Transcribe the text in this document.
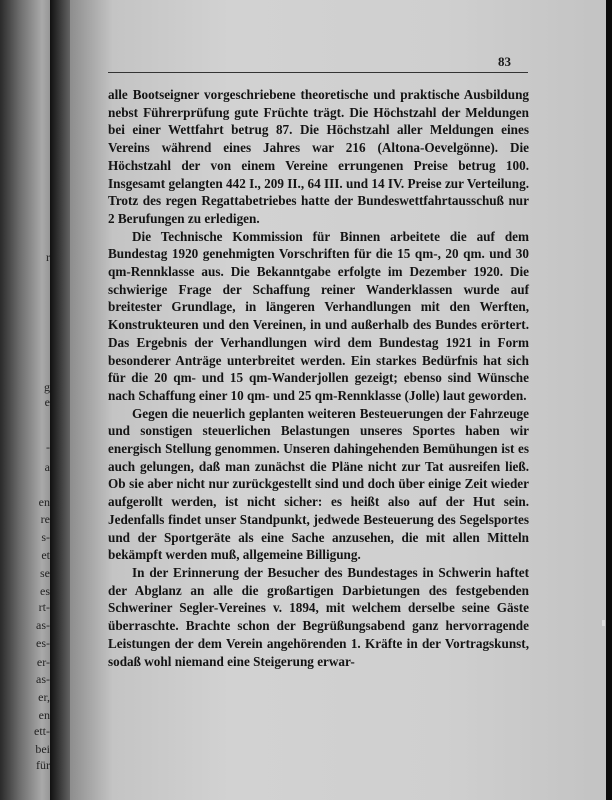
r
g
e
-
a
en
re
s-
et
se
es
rt-
as-
es-
er-
as-
er,
en
ett-
bei
für
83

alle Bootseigner vorgeschriebene theoretische und praktische Ausbildung nebst Führerprüfung gute Früchte trägt. Die Höchstzahl der Meldungen bei einer Wettfahrt betrug 87. Die Höchstzahl aller Meldungen eines Vereins während eines Jahres war 216 (Altona-Oevelgönne). Die Höchstzahl der von einem Vereine errungenen Preise betrug 100. Insgesamt gelangten 442 I., 209 II., 64 III. und 14 IV. Preise zur Verteilung. Trotz des regen Regattabetriebes hatte der Bundeswettfahrtausschuß nur 2 Berufungen zu erledigen.

Die Technische Kommission für Binnen arbeitete die auf dem Bundestag 1920 genehmigten Vorschriften für die 15 qm-, 20 qm. und 30 qm-Rennklasse aus. Die Bekanntgabe erfolgte im Dezember 1920. Die schwierige Frage der Schaffung reiner Wanderklassen wurde auf breitester Grundlage, in längeren Verhandlungen mit den Werften, Konstrukteuren und den Vereinen, in und außerhalb des Bundes erörtert. Das Ergebnis der Verhandlungen wird dem Bundestag 1921 in Form besonderer Anträge unterbreitet werden. Ein starkes Bedürfnis hat sich für die 20 qm- und 15 qm-Wanderjollen gezeigt; ebenso sind Wünsche nach Schaffung einer 10 qm- und 25 qm-Rennklasse (Jolle) laut geworden.

Gegen die neuerlich geplanten weiteren Besteuerungen der Fahrzeuge und sonstigen steuerlichen Belastungen unseres Sportes haben wir energisch Stellung genommen. Unseren dahingehenden Bemühungen ist es auch gelungen, daß man zunächst die Pläne nicht zur Tat ausreifen ließ. Ob sie aber nicht nur zurückgestellt sind und doch über einige Zeit wieder aufgerollt werden, ist nicht sicher: es heißt also auf der Hut sein. Jedenfalls findet unser Standpunkt, jedwede Besteuerung des Segelsportes und der Sportgeräte als eine Sache anzusehen, die mit allen Mitteln bekämpft werden muß, allgemeine Billigung.

In der Erinnerung der Besucher des Bundestages in Schwerin haftet der Abglanz an alle die großartigen Darbietungen des festgebenden Schweriner Segler-Vereines v. 1894, mit welchem derselbe seine Gäste überraschte. Brachte schon der Begrüßungsabend ganz hervorragende Leistungen der dem Verein angehörenden 1. Kräfte in der Vortragskunst, sodaß wohl niemand eine Steigerung erwar-
